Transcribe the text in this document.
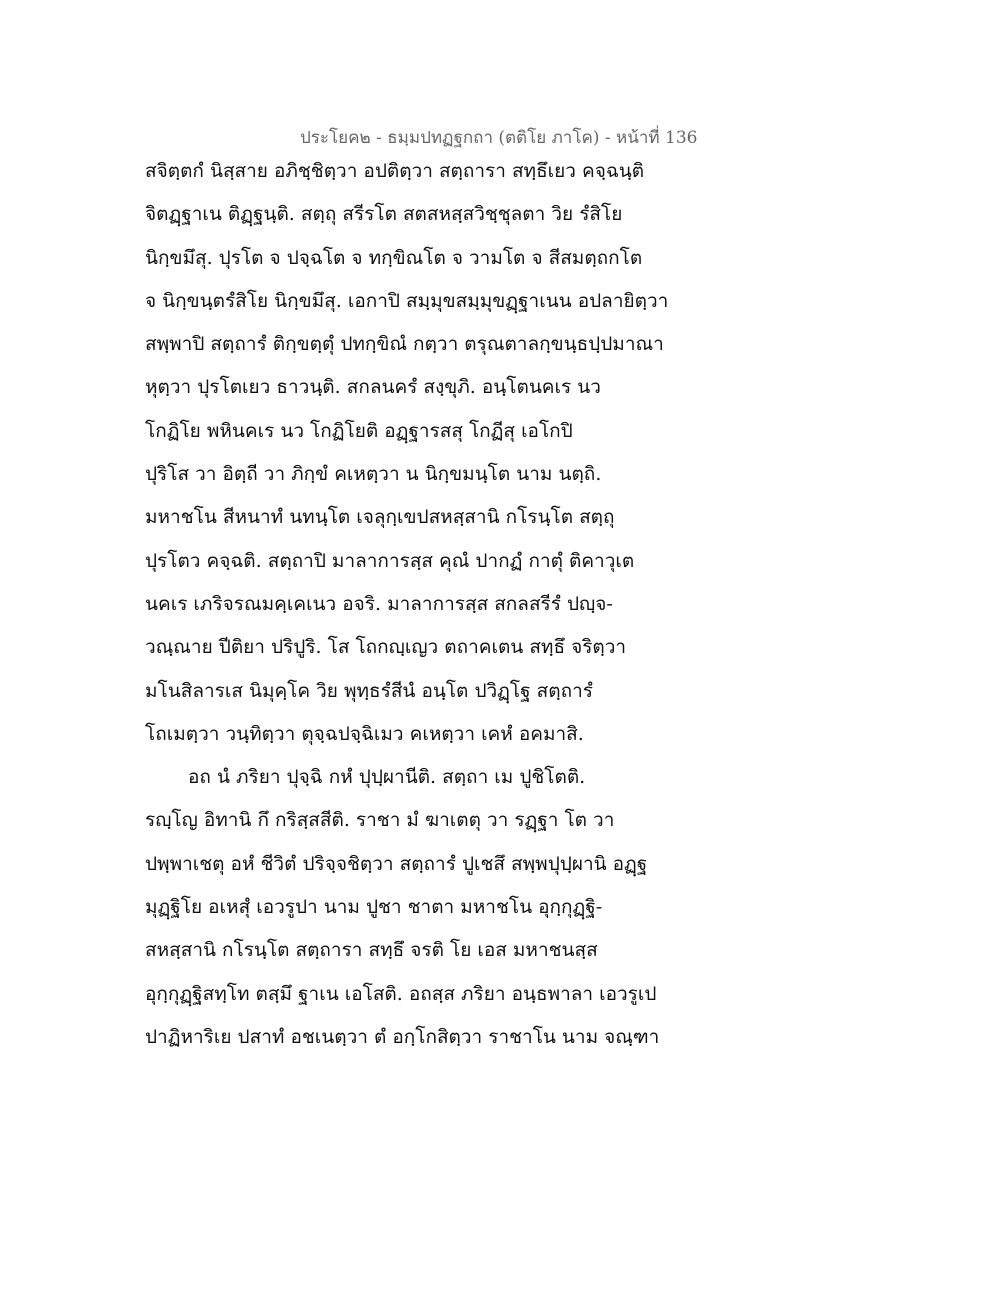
ประโยค๒ - ธมฺมปทฏฐกถา (ตติโย ภาโค) - หน้าที่ 136
สจิตฺตกํ นิสฺสาย อภิชฺชิตฺวา อปติตฺวา สตฺถารา สทฺธึเยว คจฺฉนฺติ
จิตฏฺฐาเน ติฏฺฐนฺติ. สตฺถุ สรีรโต สตสหสฺสวิชฺชุลตา วิย รํสิโย
นิกฺขมึสุ. ปุรโต จ ปจฺฉโต จ ทกฺขิณโต จ วามโต จ สีสมตฺถกโต
จ นิกฺขนฺตรํสิโย นิกฺขมึสุ. เอกาปิ สมฺมุขสมฺมุขฏฺฐาเนน อปลายิตฺวา
สพฺพาปิ สตฺถารํ ติกฺขตฺตุํ ปทกฺขิณํ กตฺวา ตรุณตาลกฺขนฺธปฺปมาณา
หุตฺวา ปุรโตเยว ธาวนฺติ. สกลนครํ สงฺขุภิ. อนฺโตนคเร นว
โกฏิโย พหินคเร นว โกฏิโยติ อฏฺฐารสสุ โกฏีสุ เอโกปิ
ปุริโส วา อิตฺถี วา ภิกฺขํ คเหตฺวา น นิกฺขมนฺโต นาม นตฺถิ.
มหาชโน สีหนาทํ นทนฺโต เจลุกฺเขปสหสฺสานิ กโรนฺโต สตฺถุ
ปุรโตว คจฺฉติ. สตฺถาปิ มาลาการสฺส คุณํ ปากฏํ กาตุํ ติคาวุเต
นคเร เภริจรณมคฺเคเนว อจริ. มาลาการสฺส สกลสรีรํ ปญฺจ-
วณฺณาย ปีติยา ปริปูริ. โส โถกญฺเญว ตถาคเตน สทฺธึ จริตฺวา
มโนสิลารเส นิมุคฺโค วิย พุทฺธรํสีนํ อนฺโต ปวิฏฺโฐ สตฺถารํ
โถเมตฺวา วนฺทิตฺวา ตุจฺฉปจฺฉิเมว คเหตฺวา เคหํ อคมาสิ.
อถ นํ ภริยา ปุจฺฉิ กหํ ปุปฺผานีติ. สตฺถา เม ปูชิโตติ.
รญฺโญ อิทานิ กึ กริสฺสสีติ. ราชา มํ ฆาเตตุ วา รฏฺฐา โต วา
ปพฺพาเชตุ อหํ ชีวิตํ ปริจฺจชิตฺวา สตฺถารํ ปูเชสึ สพฺพปุปฺผานิ อฏฺฐ
มุฏฺฐิโย อเหสุํ เอวรูปา นาม ปูชา ชาตา มหาชโน อุกฺกุฏฺฐิ-
สหสฺสานิ กโรนฺโต สตฺถารา สทฺธึ จรติ โย เอส มหาชนสฺส
อุกฺกุฏฺฐิสทฺโท ตสฺมึ ฐาเน เอโสติ. อถสฺส ภริยา อนฺธพาลา เอวรูเป
ปาฏิหาริเย ปสาทํ อชเนตฺวา ตํ อกฺโกสิตฺวา ราชาโน นาม จณฺฑา
